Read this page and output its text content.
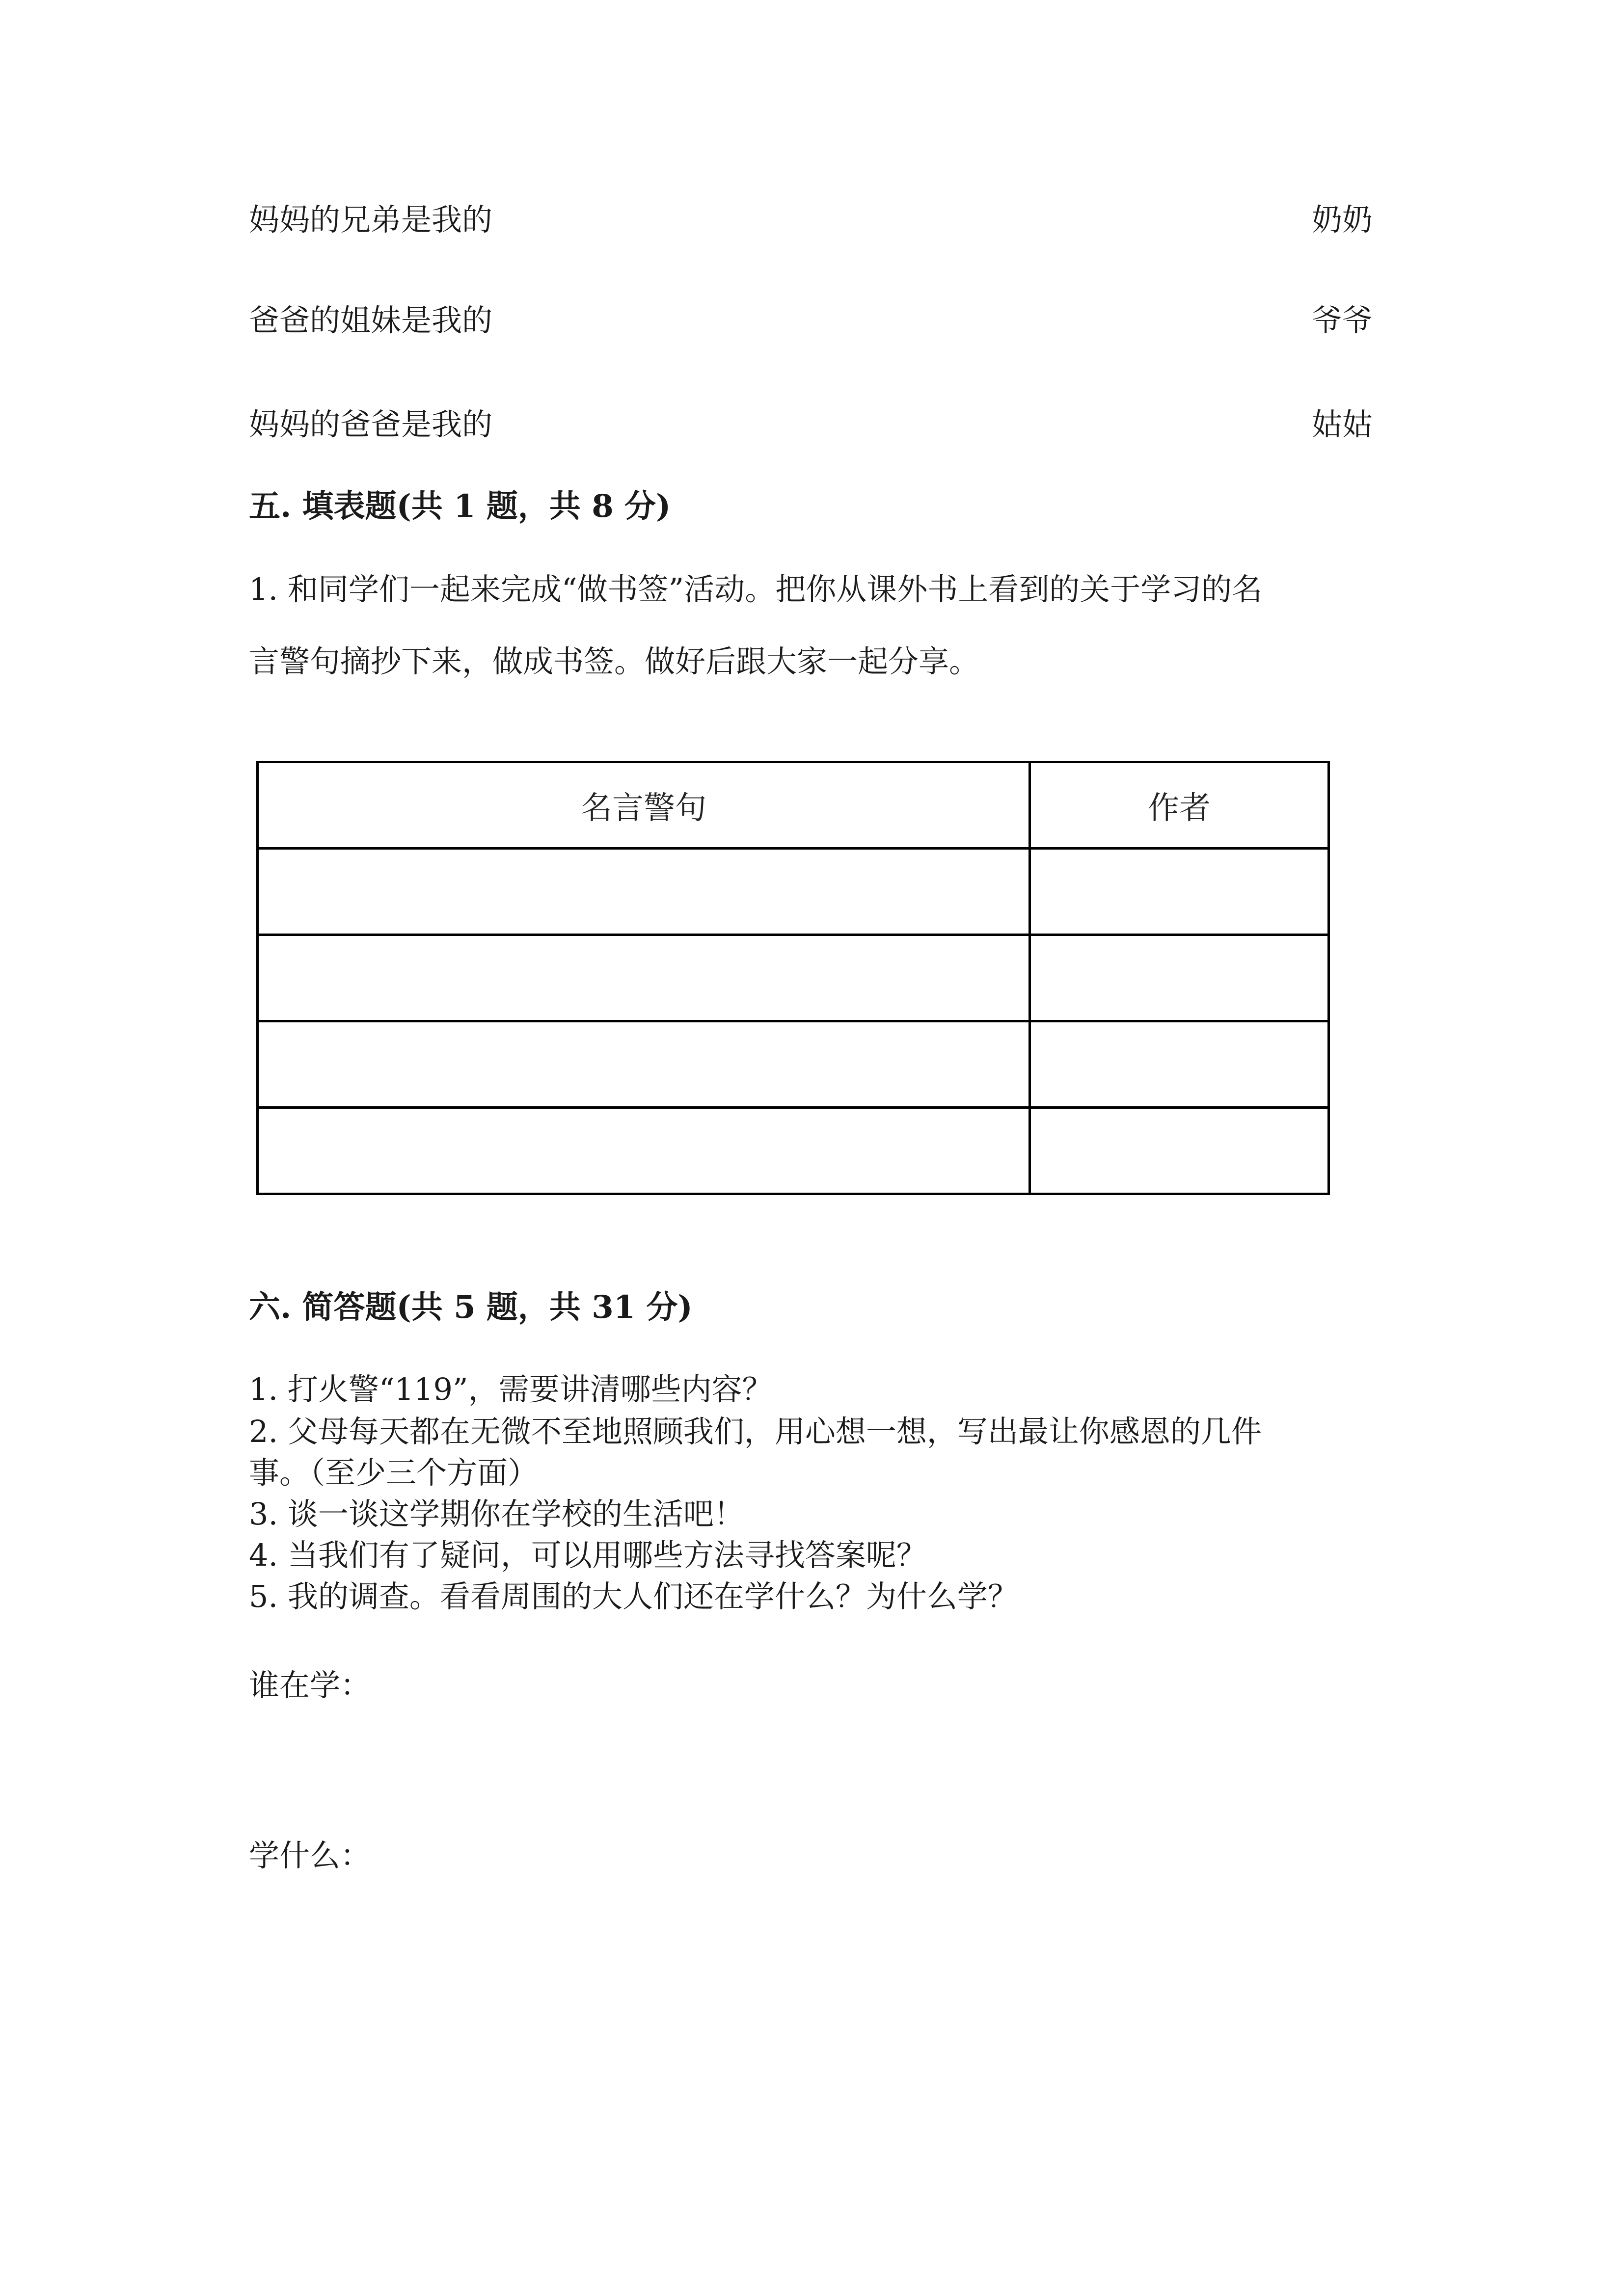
妈妈的兄弟是我的	奶奶
爸爸的姐妹是我的	爷爷
妈妈的爸爸是我的	姑姑
五. 填表题(共 1 题，共 8 分)
1. 和同学们一起来完成“做书签”活动。把你从课外书上看到的关于学习的名
言警句摘抄下来，做成书签。做好后跟大家一起分享。
名言警句	作者

六. 简答题(共 5 题，共 31 分)
1. 打火警“119”，需要讲清哪些内容？
2. 父母每天都在无微不至地照顾我们，用心想一想，写出最让你感恩的几件
事。（至少三个方面）
3. 谈一谈这学期你在学校的生活吧！
4. 当我们有了疑问，可以用哪些方法寻找答案呢？
5. 我的调查。看看周围的大人们还在学什么？为什么学？
谁在学：
学什么：
